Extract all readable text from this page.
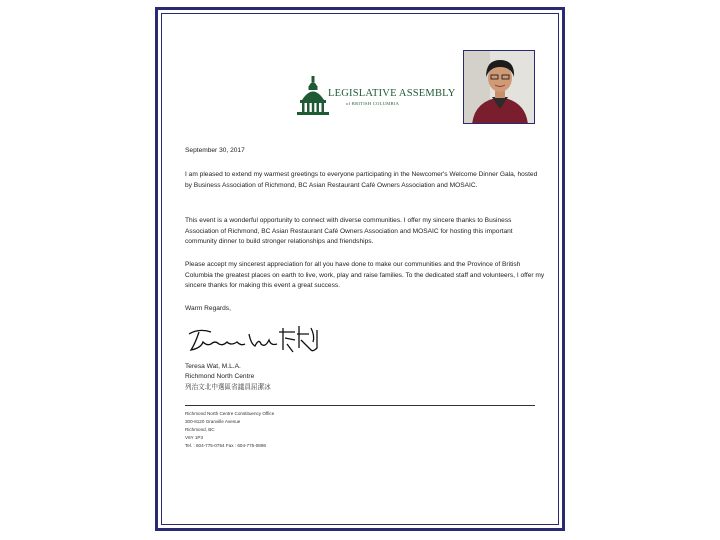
LEGISLATIVE ASSEMBLY
of BRITISH COLUMBIA
September 30, 2017
I am pleased to extend my warmest greetings to everyone participating in the Newcomer's Welcome Dinner Gala, hosted by Business Association of Richmond, BC Asian Restaurant Café Owners Association and MOSAIC.
This event is a wonderful opportunity to connect with diverse communities. I offer my sincere thanks to Business Association of Richmond, BC Asian Restaurant Café Owners Association and MOSAIC for hosting this important community dinner to build stronger relationships and friendships.
Please accept my sincerest appreciation for all you have done to make our communities and the Province of British Columbia the greatest places on earth to live, work, play and raise families. To the dedicated staff and volunteers, I offer my sincere thanks for making this event a great success.
Warm Regards,
Teresa Wat, M.L.A.
Richmond North Centre
列治文北中選區省議員屈潔冰
Richmond North Centre Constituency Office
300-8120 Granville Avenue
Richmond, BC
V6Y 1P3
Tel. : 604-775-0754 Fax : 604-775-0898
